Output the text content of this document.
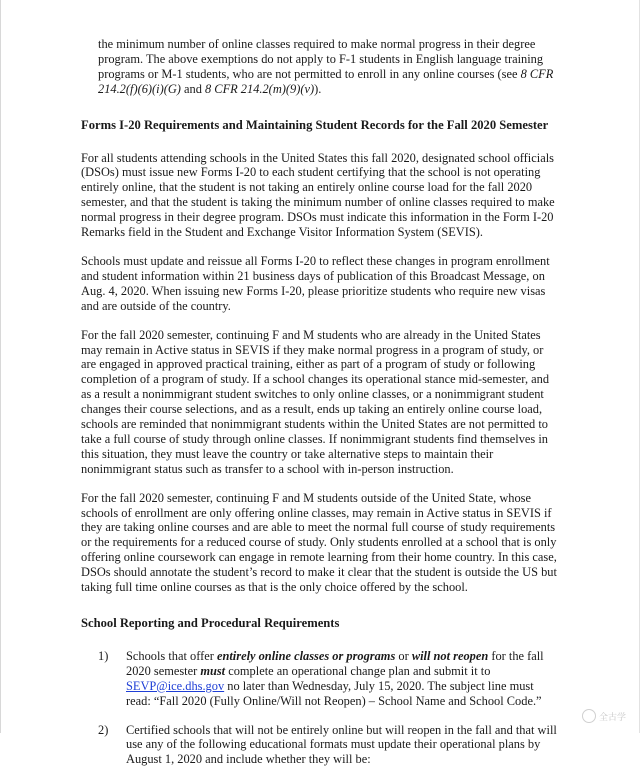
the minimum number of online classes required to make normal progress in their degree program. The above exemptions do not apply to F-1 students in English language training programs or M-1 students, who are not permitted to enroll in any online courses (see 8 CFR 214.2(f)(6)(i)(G) and 8 CFR 214.2(m)(9)(v)).

Forms I-20 Requirements and Maintaining Student Records for the Fall 2020 Semester

For all students attending schools in the United States this fall 2020, designated school officials (DSOs) must issue new Forms I-20 to each student certifying that the school is not operating entirely online, that the student is not taking an entirely online course load for the fall 2020 semester, and that the student is taking the minimum number of online classes required to make normal progress in their degree program. DSOs must indicate this information in the Form I-20 Remarks field in the Student and Exchange Visitor Information System (SEVIS).

Schools must update and reissue all Forms I-20 to reflect these changes in program enrollment and student information within 21 business days of publication of this Broadcast Message, on Aug. 4, 2020. When issuing new Forms I-20, please prioritize students who require new visas and are outside of the country.

For the fall 2020 semester, continuing F and M students who are already in the United States may remain in Active status in SEVIS if they make normal progress in a program of study, or are engaged in approved practical training, either as part of a program of study or following completion of a program of study. If a school changes its operational stance mid-semester, and as a result a nonimmigrant student switches to only online classes, or a nonimmigrant student changes their course selections, and as a result, ends up taking an entirely online course load, schools are reminded that nonimmigrant students within the United States are not permitted to take a full course of study through online classes. If nonimmigrant students find themselves in this situation, they must leave the country or take alternative steps to maintain their nonimmigrant status such as transfer to a school with in-person instruction.

For the fall 2020 semester, continuing F and M students outside of the United State, whose schools of enrollment are only offering online classes, may remain in Active status in SEVIS if they are taking online courses and are able to meet the normal full course of study requirements or the requirements for a reduced course of study. Only students enrolled at a school that is only offering online coursework can engage in remote learning from their home country. In this case, DSOs should annotate the student’s record to make it clear that the student is outside the US but taking full time online courses as that is the only choice offered by the school.

School Reporting and Procedural Requirements
1)	Schools that offer entirely online classes or programs or will not reopen for the fall 2020 semester must complete an operational change plan and submit it to SEVP@ice.dhs.gov no later than Wednesday, July 15, 2020. The subject line must read: “Fall 2020 (Fully Online/Will not Reopen) – School Name and School Code.”
2)	Certified schools that will not be entirely online but will reopen in the fall and that will use any of the following educational formats must update their operational plans by August 1, 2020 and include whether they will be:
全古学
